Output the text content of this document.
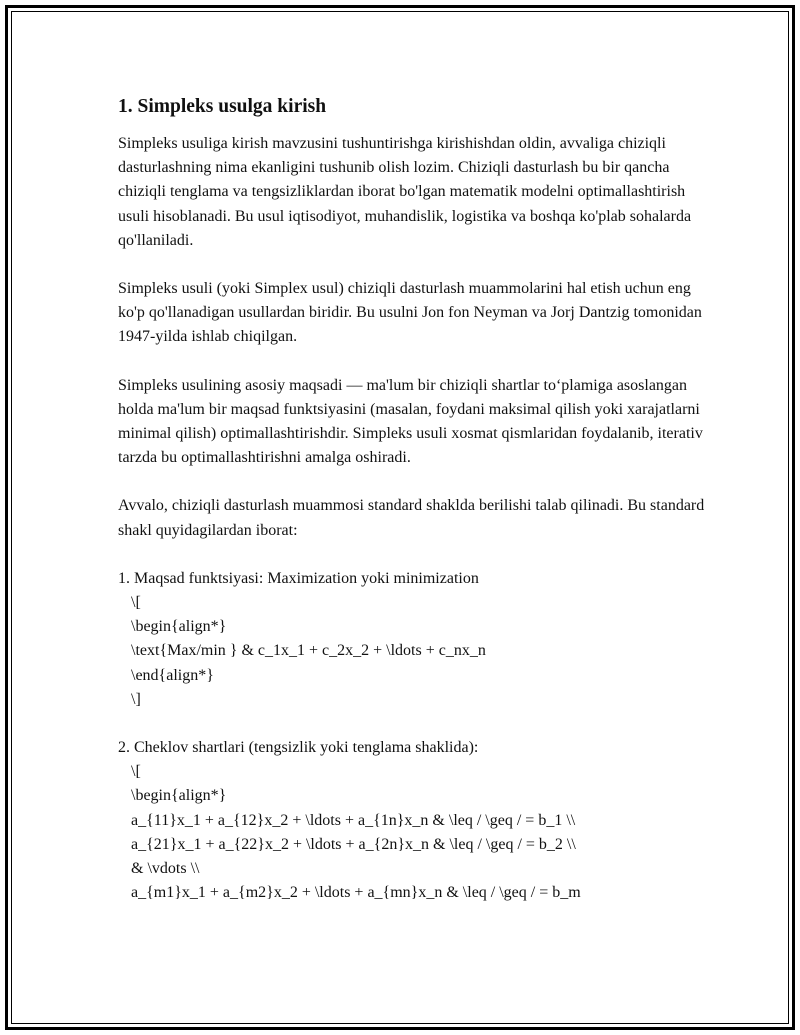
1. Simpleks usulga kirish

Simpleks usuliga kirish mavzusini tushuntirishga kirishishdan oldin, avvaliga chiziqli dasturlashning nima ekanligini tushunib olish lozim. Chiziqli dasturlash bu bir qancha chiziqli tenglama va tengsizliklardan iborat bo'lgan matematik modelni optimallashtirish usuli hisoblanadi. Bu usul iqtisodiyot, muhandislik, logistika va boshqa ko'plab sohalarda qo'llaniladi.

Simpleks usuli (yoki Simplex usul) chiziqli dasturlash muammolarini hal etish uchun eng ko'p qo'llanadigan usullardan biridir. Bu usulni Jon fon Neyman va Jorj Dantzig tomonidan 1947-yilda ishlab chiqilgan.

Simpleks usulining asosiy maqsadi — ma'lum bir chiziqli shartlar to‘plamiga asoslangan holda ma'lum bir maqsad funktsiyasini (masalan, foydani maksimal qilish yoki xarajatlarni minimal qilish) optimallashtirishdir. Simpleks usuli xosmat qismlaridan foydalanib, iterativ tarzda bu optimallashtirishni amalga oshiradi.

Avvalo, chiziqli dasturlash muammosi standard shaklda berilishi talab qilinadi. Bu standard shakl quyidagilardan iborat:

1. Maqsad funktsiyasi: Maximization yoki minimization
\[
\begin{align*}
\text{Max/min } & c_1x_1 + c_2x_2 + \ldots + c_nx_n
\end{align*}
\]
2. Cheklov shartlari (tengsizlik yoki tenglama shaklida):
\[
\begin{align*}
a_{11}x_1 + a_{12}x_2 + \ldots + a_{1n}x_n & \leq / \geq / = b_1 \\
a_{21}x_1 + a_{22}x_2 + \ldots + a_{2n}x_n & \leq / \geq / = b_2 \\
& \vdots \\
a_{m1}x_1 + a_{m2}x_2 + \ldots + a_{mn}x_n & \leq / \geq / = b_m
